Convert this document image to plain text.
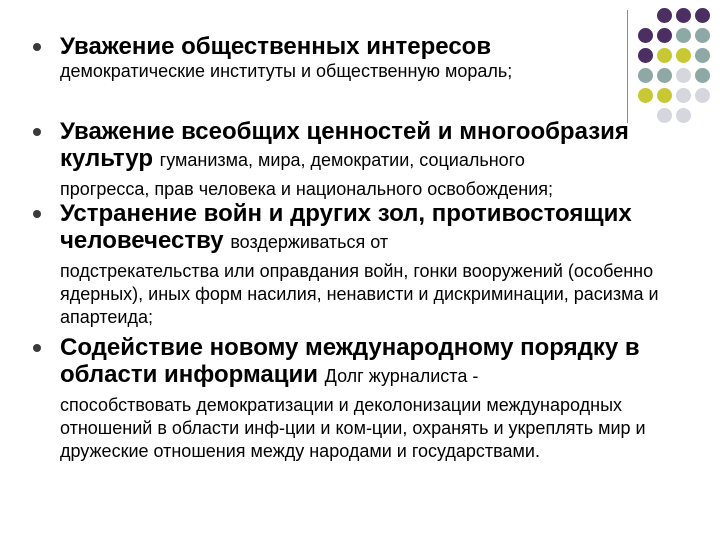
Уважение общественных интересов
демократические институты и общественную мораль;
Уважение всеобщих ценностей и многообразия культур гуманизма, мира, демократии, социального
прогресса, прав человека и национального освобождения;
Устранение войн и других зол, противостоящих человечеству воздерживаться от
подстрекательства или оправдания войн, гонки вооружений (особенно ядерных), иных форм насилия, ненависти и дискриминации, расизма и апартеида;
Содействие новому международному порядку в области информации Долг журналиста -
способствовать демократизации и деколонизации международных отношений в области инф-ции и ком-ции, охранять и укреплять мир и дружеские отношения между народами и государствами.
